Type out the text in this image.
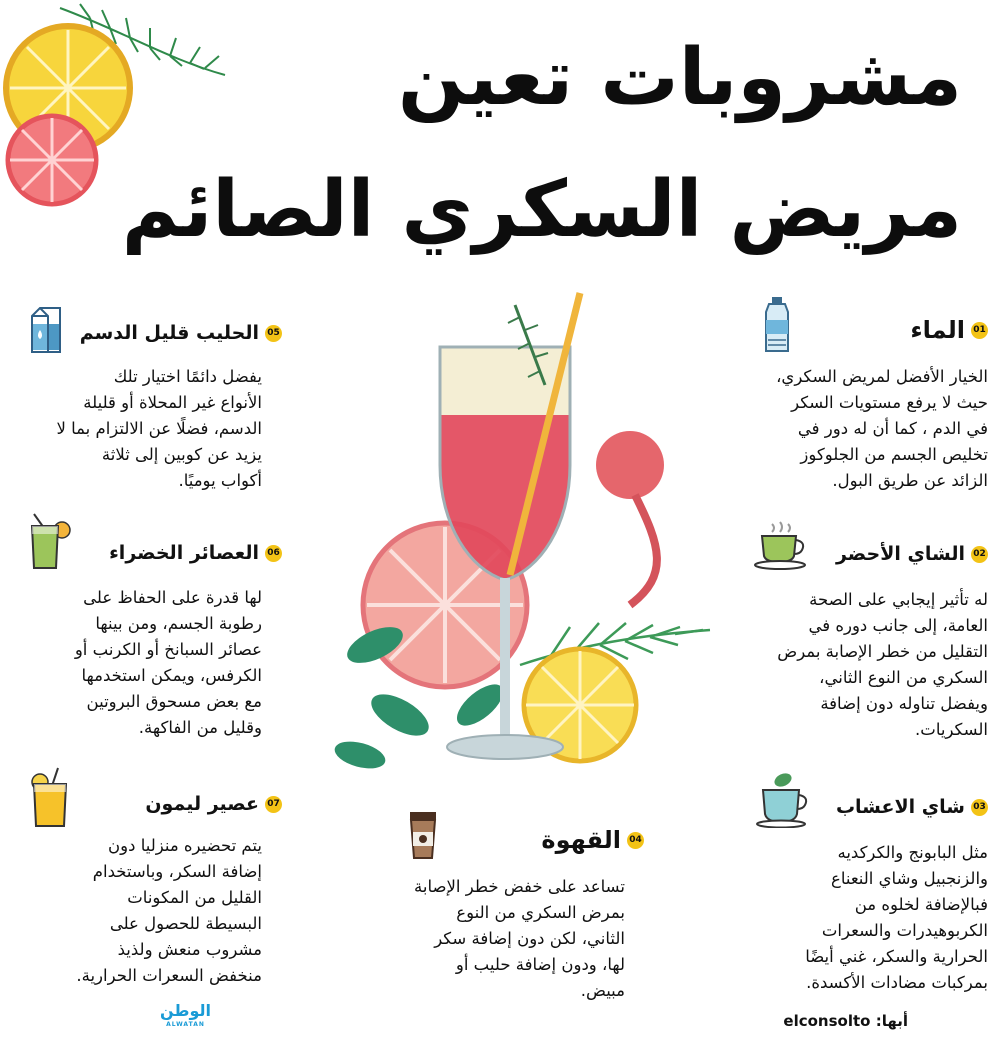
مشروبات تعين
مريض السكري الصائم
01
الماء
الخيار الأفضل لمريض السكري،
حيث لا يرفع مستويات السكر
في الدم ، كما أن له دور في
تخليص الجسم من الجلوكوز
الزائد عن طريق البول.
02
الشاي الأحضر
له تأثير إيجابي على الصحة
العامة، إلى جانب دوره في
التقليل من خطر الإصابة بمرض
السكري من النوع الثاني،
ويفضل تناوله دون إضافة
السكريات.
03
شاي الاعشاب
مثل البابونج والكركديه
والزنجبيل وشاي النعناع
فبالإضافة لخلوه من
الكربوهيدرات والسعرات
الحرارية والسكر، غني أيضًا
بمركبات مضادات الأكسدة.
04
القهوة
تساعد على خفض خطر الإصابة
بمرض السكري من النوع
الثاني، لكن دون إضافة سكر
لها، ودون إضافة حليب أو
مبيض.
05
الحليب قليل الدسم
يفضل دائمًا اختيار تلك
الأنواع غير المحلاة أو قليلة
الدسم، فضلًا عن الالتزام بما لا
يزيد عن كوبين إلى ثلاثة
أكواب يوميًا.
06
العصائر الخضراء
لها قدرة على الحفاظ على
رطوبة الجسم، ومن بينها
عصائر السبانخ أو الكرنب أو
الكرفس، ويمكن استخدمها
مع بعض مسحوق البروتين
وقليل من الفاكهة.
07
عصير ليمون
يتم تحضيره منزليا دون
إضافة السكر، وباستخدام
القليل من المكونات
البسيطة للحصول على
مشروب منعش ولذيذ
منخفض السعرات الحرارية.
الوطن
ALWATAN	أبها: elconsolto
